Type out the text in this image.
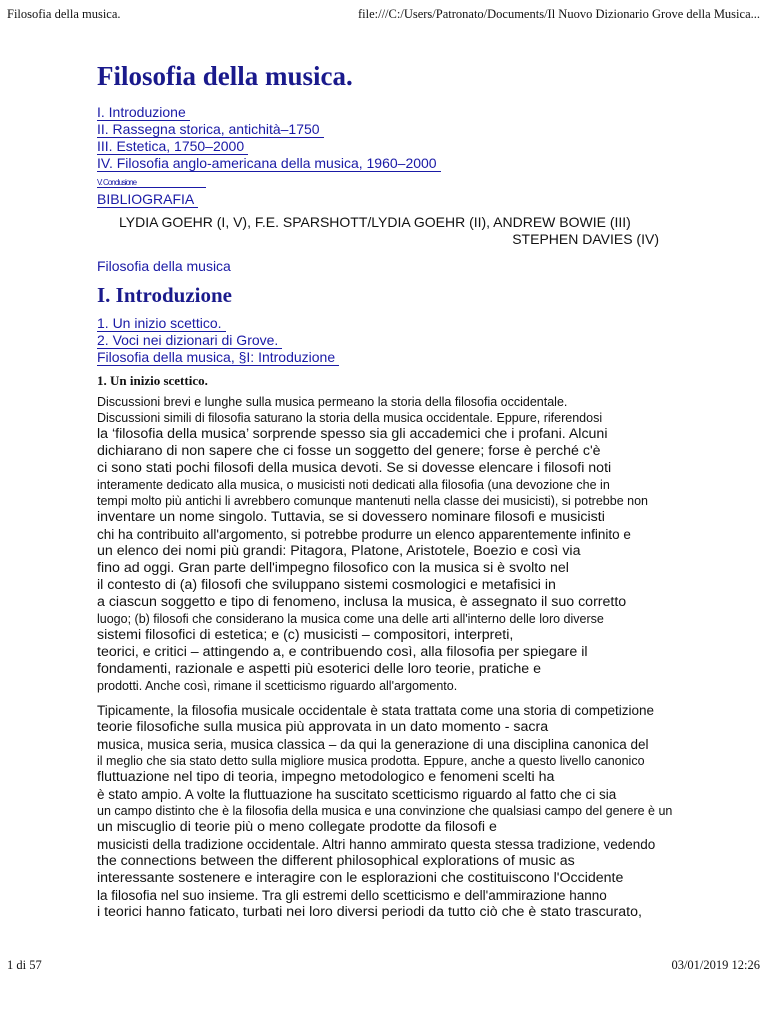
Filosofia della musica.	file:///C:/Users/Patronato/Documents/Il Nuovo Dizionario Grove della Musica...
Filosofia della musica.
I. Introduzione
II. Rassegna storica, antichità–1750
III. Estetica, 1750–2000
IV. Filosofia anglo-americana della musica, 1960–2000
V. Conclusione
BIBLIOGRAFIA
LYDIA GOEHR (I, V), F.E. SPARSHOTT/LYDIA GOEHR (II), ANDREW BOWIE (III)
STEPHEN DAVIES (IV)
Filosofia della musica
I. Introduzione
1. Un inizio scettico.
2. Voci nei dizionari di Grove.
Filosofia della musica, §I: Introduzione
1. Un inizio scettico.
Discussioni brevi e lunghe sulla musica permeano la storia della filosofia occidentale.
Discussioni simili di filosofia saturano la storia della musica occidentale. Eppure, riferendosi
la ‘filosofia della musica’ sorprende spesso sia gli accademici che i profani. Alcuni
dichiarano di non sapere che ci fosse un soggetto del genere; forse è perché c'è
ci sono stati pochi filosofi della musica devoti. Se si dovesse elencare i filosofi noti
interamente dedicato alla musica, o musicisti noti dedicati alla filosofia (una devozione che in
tempi molto più antichi li avrebbero comunque mantenuti nella classe dei musicisti), si potrebbe non
inventare un nome singolo. Tuttavia, se si dovessero nominare filosofi e musicisti
chi ha contribuito all'argomento, si potrebbe produrre un elenco apparentemente infinito e
un elenco dei nomi più grandi: Pitagora, Platone, Aristotele, Boezio e così via
fino ad oggi. Gran parte dell'impegno filosofico con la musica si è svolto nel
il contesto di (a) filosofi che sviluppano sistemi cosmologici e metafisici in
a ciascun soggetto e tipo di fenomeno, inclusa la musica, è assegnato il suo corretto
luogo; (b) filosofi che considerano la musica come una delle arti all'interno delle loro diverse
sistemi filosofici di estetica; e (c) musicisti – compositori, interpreti,
teorici, e critici – attingendo a, e contribuendo così, alla filosofia per spiegare il
fondamenti, razionale e aspetti più esoterici delle loro teorie, pratiche e
prodotti. Anche così, rimane il scetticismo riguardo all'argomento.
Tipicamente, la filosofia musicale occidentale è stata trattata come una storia di competizione
teorie filosofiche sulla musica più approvata in un dato momento - sacra
musica, musica seria, musica classica – da qui la generazione di una disciplina canonica del
il meglio che sia stato detto sulla migliore musica prodotta. Eppure, anche a questo livello canonico
fluttuazione nel tipo di teoria, impegno metodologico e fenomeni scelti ha
è stato ampio. A volte la fluttuazione ha suscitato scetticismo riguardo al fatto che ci sia
un campo distinto che è la filosofia della musica e una convinzione che qualsiasi campo del genere è un
un miscuglio di teorie più o meno collegate prodotte da filosofi e
musicisti della tradizione occidentale. Altri hanno ammirato questa stessa tradizione, vedendo
the connections between the different philosophical explorations of music as
interessante sostenere e interagire con le esplorazioni che costituiscono l'Occidente
la filosofia nel suo insieme. Tra gli estremi dello scetticismo e dell'ammirazione hanno
i teorici hanno faticato, turbati nei loro diversi periodi da tutto ciò che è stato trascurato,
1 di 57	03/01/2019 12:26
